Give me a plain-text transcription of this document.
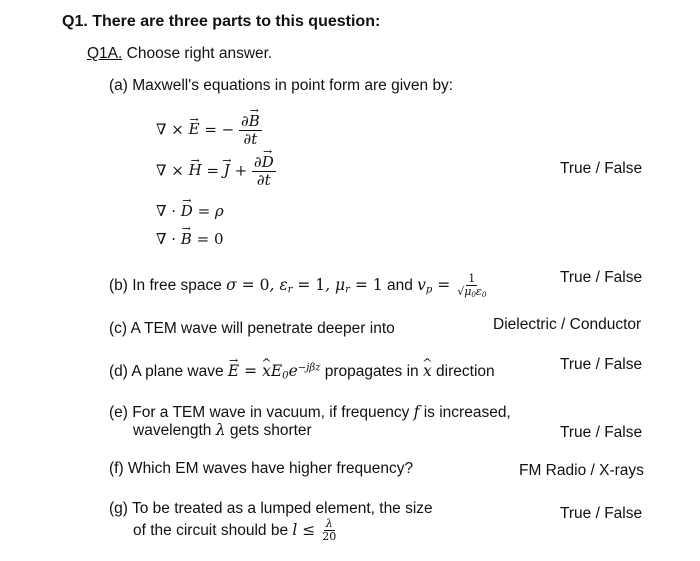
Q1. There are three parts to this question:
Q1A. Choose right answer.
(a) Maxwell's equations in point form are given by:
∇ × → E = − $\frac{\partial\to B}{\partial t}$
∇ × → H = → $J + \frac{\partial\to D}{\partial t}$
∇ · → D = ρ
∇ · → B = 0
True / False
(b) In free space σ = 0, $\varepsilon_r = 1$, $\mu_r = 1$ and $v_p = \frac{1}{√\mu_0\varepsilon_0}$	True / False
(c) A TEM wave will penetrate deeper into	Dielectric / Conductor
(d) A plane wave → E = ^ $xE_0e^{-j\beta z}$ propagates in ^ x direction	True / False
(e) For a TEM wave in vacuum, if frequency f is increased,
wavelength λ gets shorter	True / False
(f) Which EM waves have higher frequency?	FM Radio / X-rays
(g) To be treated as a lumped element, the size
of the circuit should be $l \le \frac{\lambda}{20}$
True / False
